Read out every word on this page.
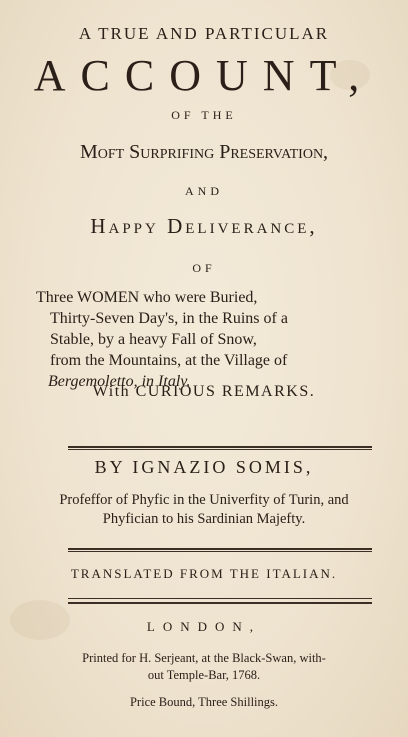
A TRUE AND PARTICULAR
ACCOUNT,
OF THE
Moft Surprifing Preservation,
AND
Happy Deliverance,
OF
Three WOMEN who were Buried,
Thirty-Seven Day's, in the Ruins of a
Stable, by a heavy Fall of Snow,
from the Mountains, at the Village of
Bergemoletto, in Italy.
With CURIOUS REMARKS.
BY IGNAZIO SOMIS,
Profeffor of Phyfic in the Univerfity of Turin, and
Phyfician to his Sardinian Majefty.
TRANSLATED FROM THE ITALIAN.
LONDON,
Printed for H. Serjeant, at the Black-Swan, with-
out Temple-Bar, 1768.
Price Bound, Three Shillings.
